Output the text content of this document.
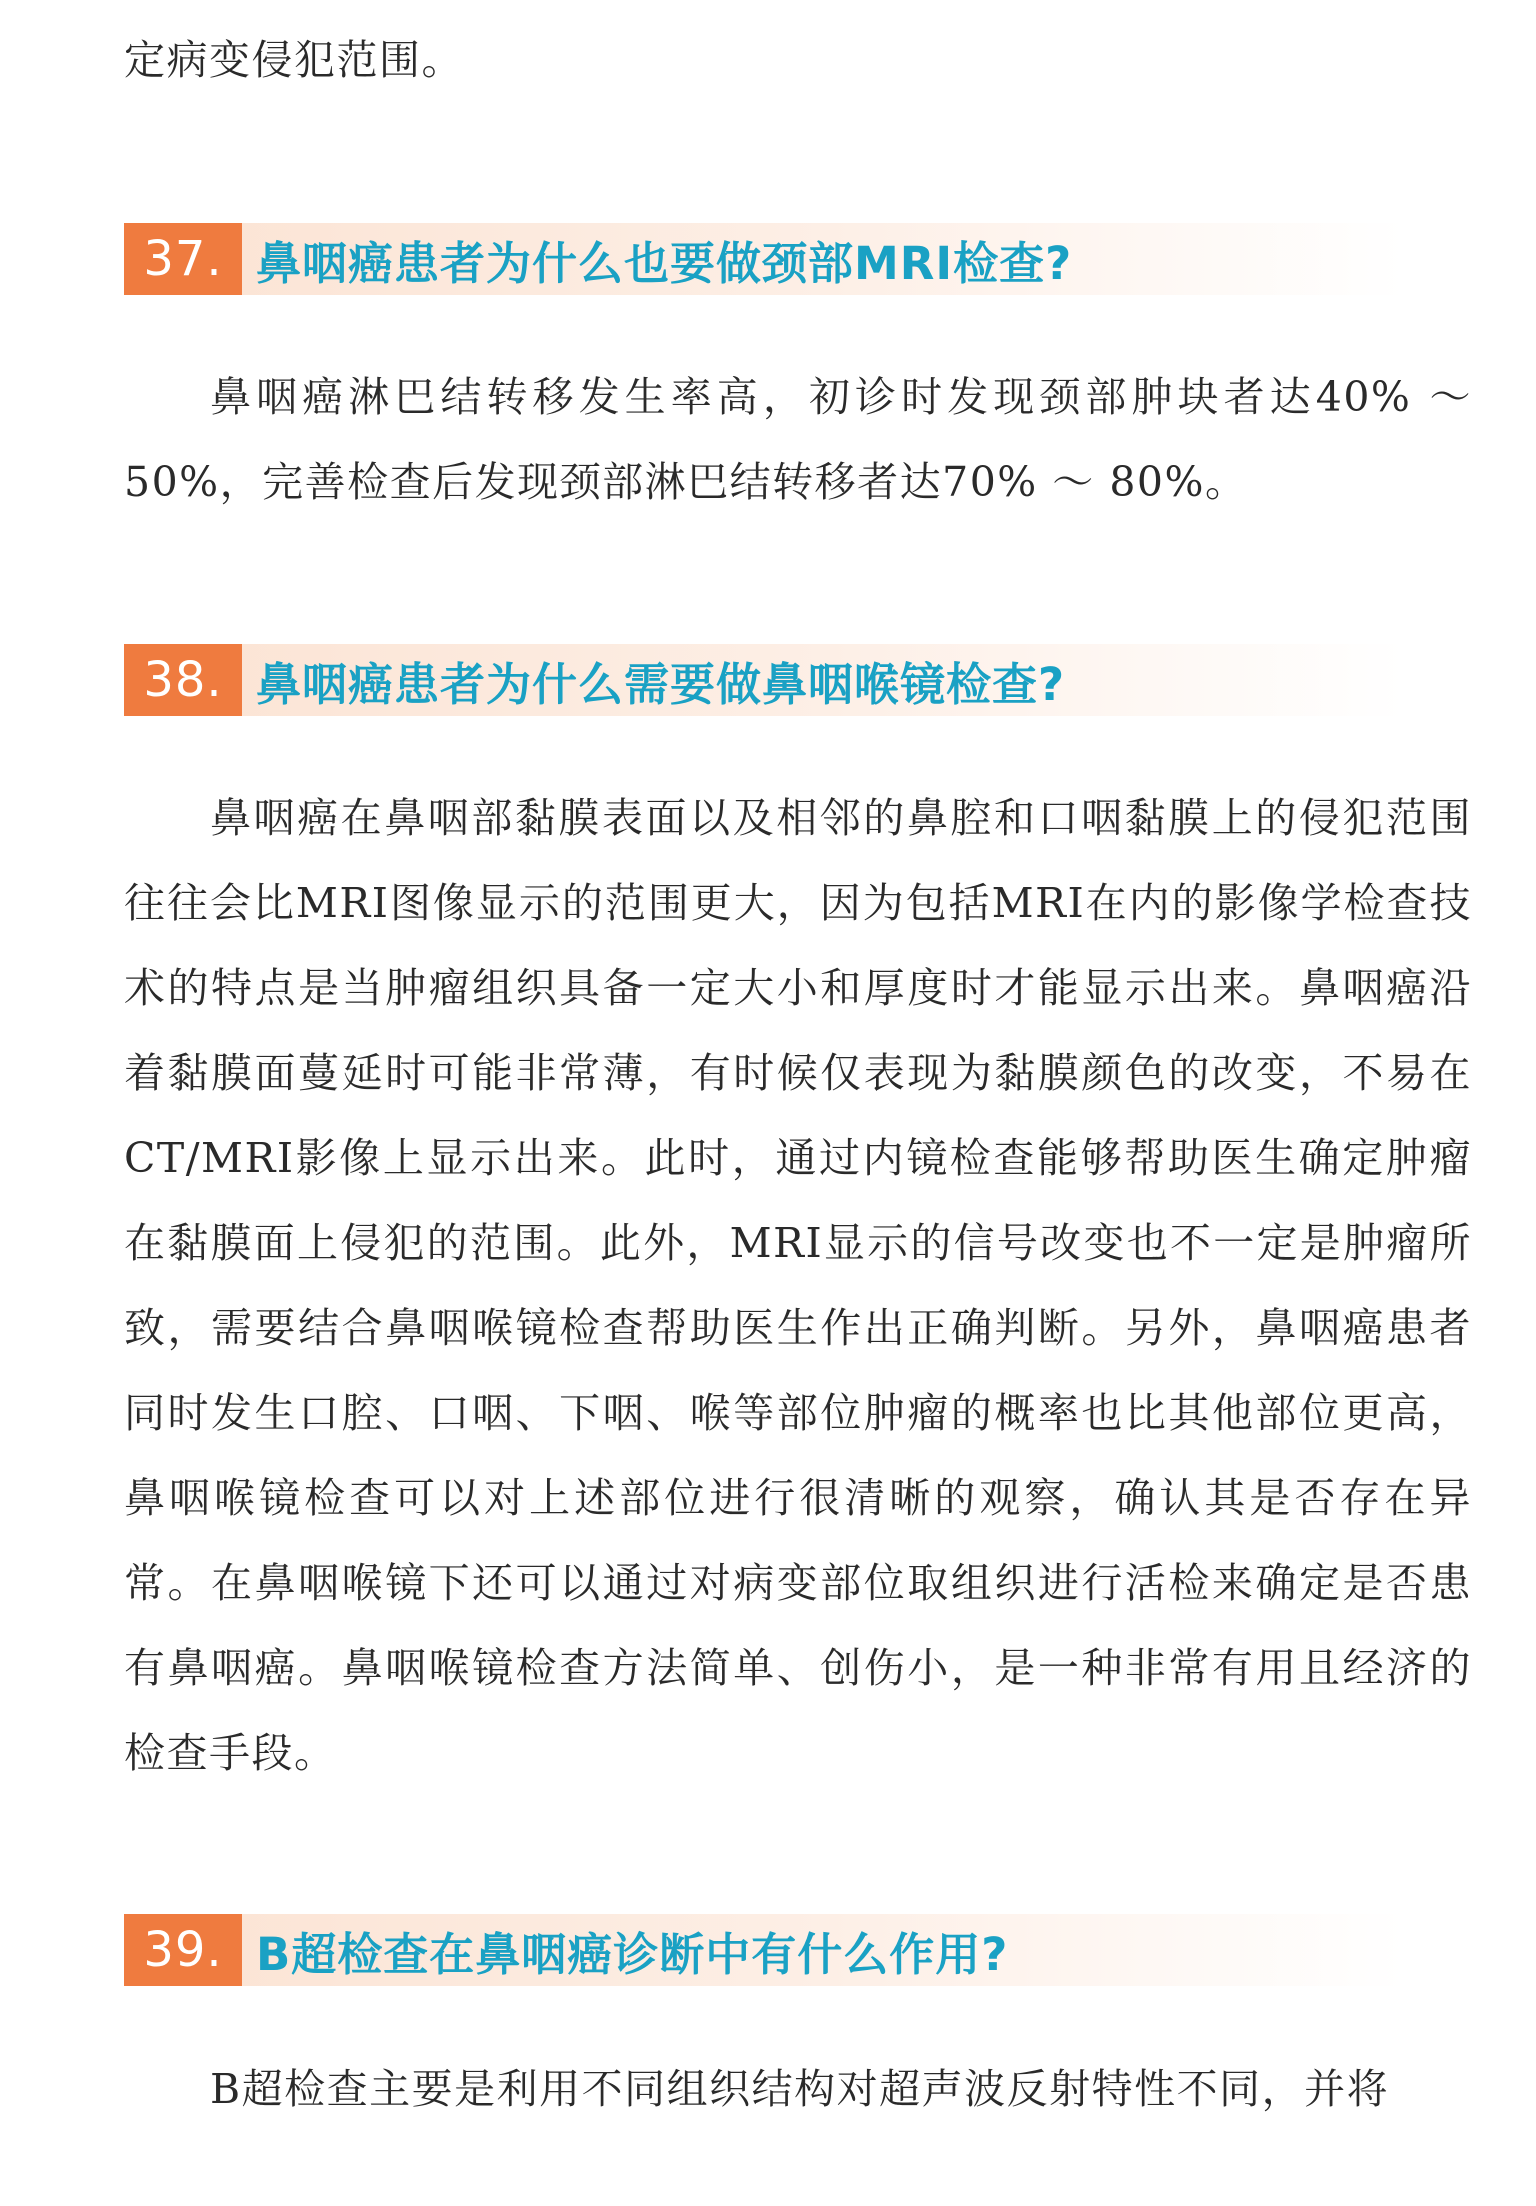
定病变侵犯范围。

37. 鼻咽癌患者为什么也要做颈部MRI检查?

鼻咽癌淋巴结转移发生率高，初诊时发现颈部肿块者达40% ～ 50%，完善检查后发现颈部淋巴结转移者达70% ～ 80%。

38. 鼻咽癌患者为什么需要做鼻咽喉镜检查?

鼻咽癌在鼻咽部黏膜表面以及相邻的鼻腔和口咽黏膜上的侵犯范围往往会比MRI图像显示的范围更大，因为包括MRI在内的影像学检查技术的特点是当肿瘤组织具备一定大小和厚度时才能显示出来。鼻咽癌沿着黏膜面蔓延时可能非常薄，有时候仅表现为黏膜颜色的改变，不易在CT/MRI影像上显示出来。此时，通过内镜检查能够帮助医生确定肿瘤在黏膜面上侵犯的范围。此外，MRI显示的信号改变也不一定是肿瘤所致，需要结合鼻咽喉镜检查帮助医生作出正确判断。另外，鼻咽癌患者同时发生口腔、口咽、下咽、喉等部位肿瘤的概率也比其他部位更高，鼻咽喉镜检查可以对上述部位进行很清晰的观察，确认其是否存在异常。在鼻咽喉镜下还可以通过对病变部位取组织进行活检来确定是否患有鼻咽癌。鼻咽喉镜检查方法简单、创伤小，是一种非常有用且经济的检查手段。

39. B超检查在鼻咽癌诊断中有什么作用?

B超检查主要是利用不同组织结构对超声波反射特性不同，并将
